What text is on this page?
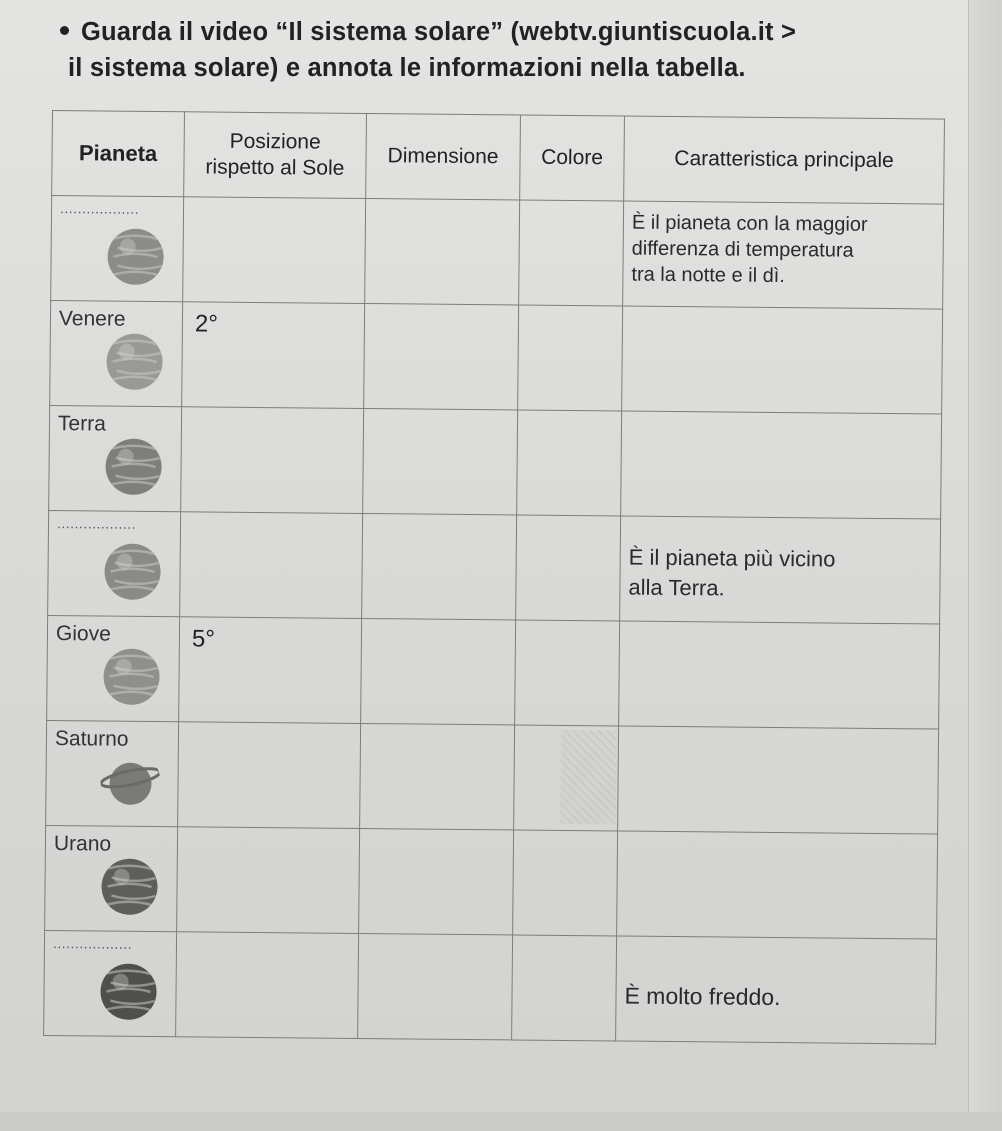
Guarda il video “Il sistema solare” (webtv.giuntiscuola.it >
il sistema solare) e annota le informazioni nella tabella.
Pianeta	Posizione
rispetto al Sole	Dimensione	Colore	Caratteristica principale

..................				È il pianeta con la maggior
differenza di temperatura
tra la notte e il dì.

Venere	2°			

Terra				

..................				È il pianeta più vicino
alla Terra.

Giove	5°			

Saturno				

Urano				

..................				È molto freddo.
